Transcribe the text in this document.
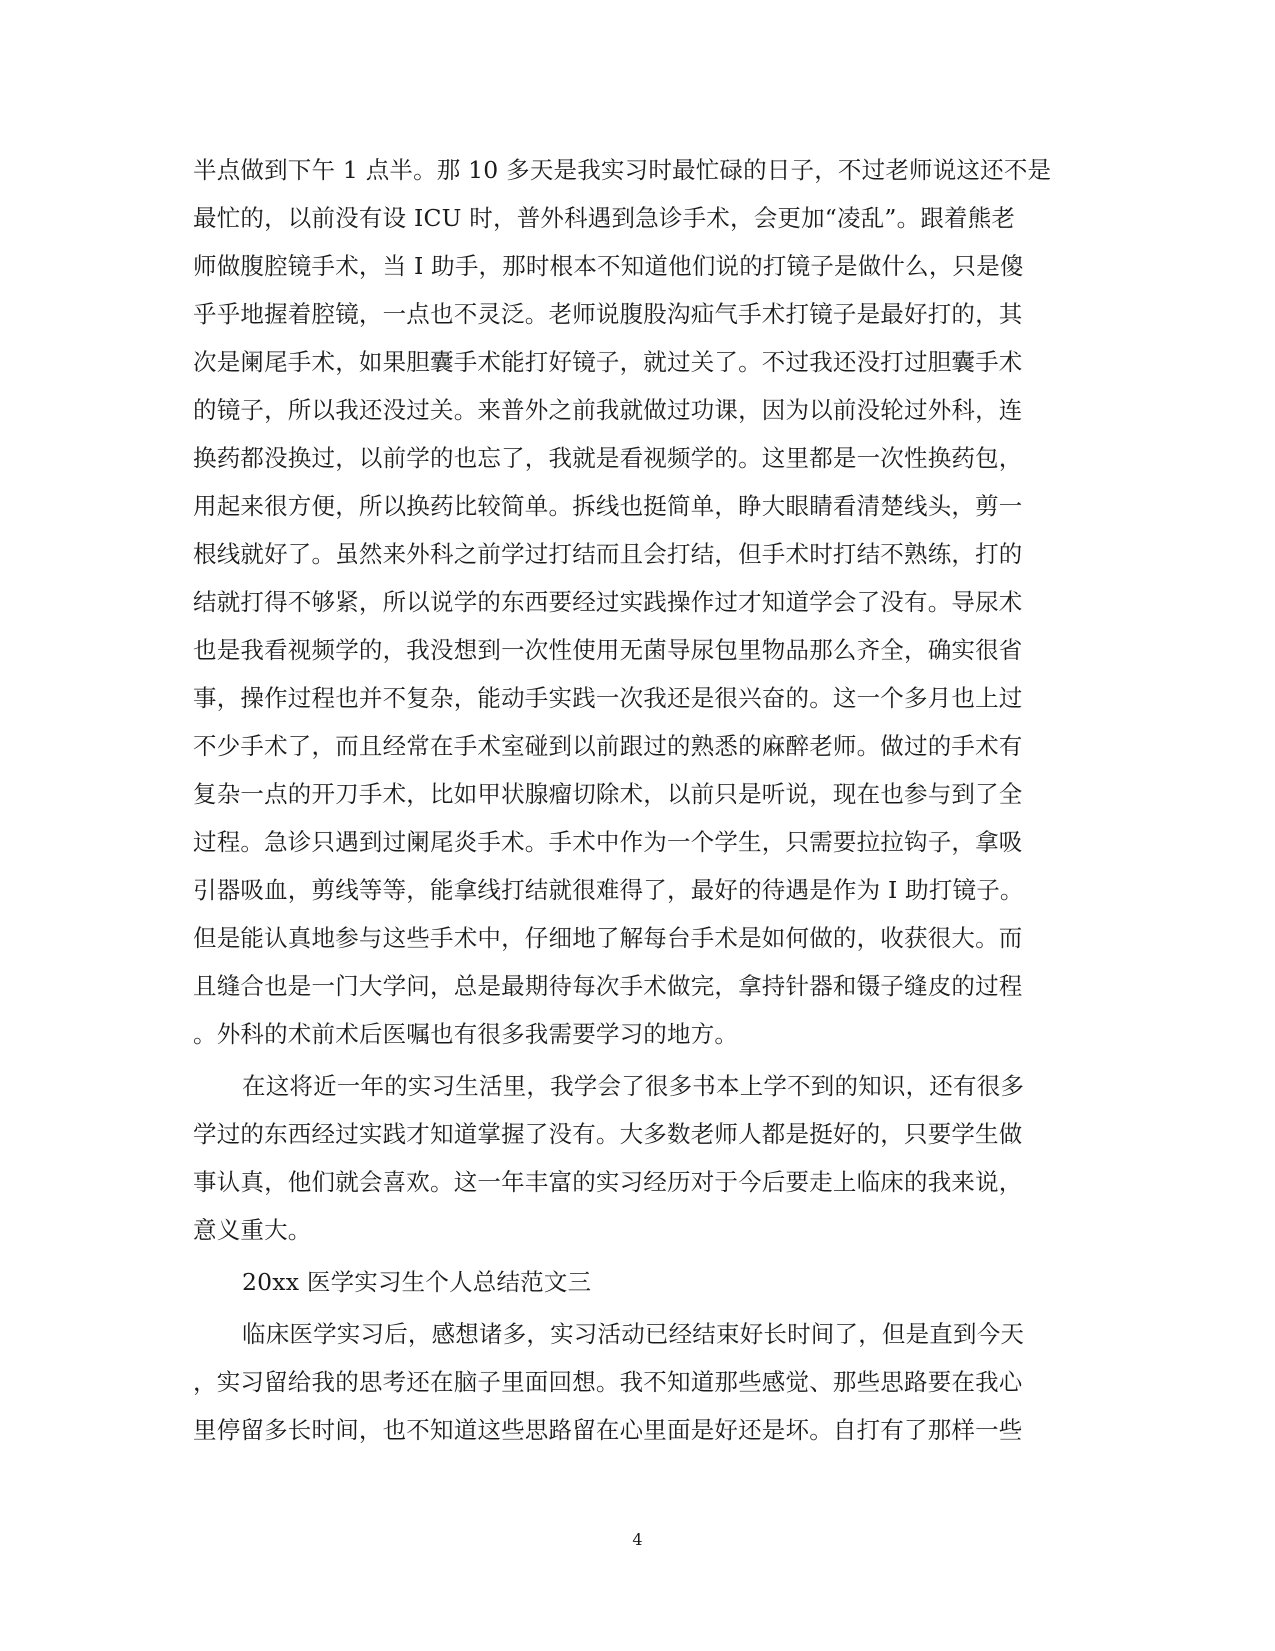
半点做到下午 1 点半。那 10 多天是我实习时最忙碌的日子，不过老师说这还不是
最忙的，以前没有设 ICU 时，普外科遇到急诊手术，会更加“凌乱”。跟着熊老
师做腹腔镜手术，当 I 助手，那时根本不知道他们说的打镜子是做什么，只是傻
乎乎地握着腔镜，一点也不灵泛。老师说腹股沟疝气手术打镜子是最好打的，其
次是阑尾手术，如果胆囊手术能打好镜子，就过关了。不过我还没打过胆囊手术
的镜子，所以我还没过关。来普外之前我就做过功课，因为以前没轮过外科，连
换药都没换过，以前学的也忘了，我就是看视频学的。这里都是一次性换药包，
用起来很方便，所以换药比较简单。拆线也挺简单，睁大眼睛看清楚线头，剪一
根线就好了。虽然来外科之前学过打结而且会打结，但手术时打结不熟练，打的
结就打得不够紧，所以说学的东西要经过实践操作过才知道学会了没有。导尿术
也是我看视频学的，我没想到一次性使用无菌导尿包里物品那么齐全，确实很省
事，操作过程也并不复杂，能动手实践一次我还是很兴奋的。这一个多月也上过
不少手术了，而且经常在手术室碰到以前跟过的熟悉的麻醉老师。做过的手术有
复杂一点的开刀手术，比如甲状腺瘤切除术，以前只是听说，现在也参与到了全
过程。急诊只遇到过阑尾炎手术。手术中作为一个学生，只需要拉拉钩子，拿吸
引器吸血，剪线等等，能拿线打结就很难得了，最好的待遇是作为 I 助打镜子。
但是能认真地参与这些手术中，仔细地了解每台手术是如何做的，收获很大。而
且缝合也是一门大学问，总是最期待每次手术做完，拿持针器和镊子缝皮的过程
。外科的术前术后医嘱也有很多我需要学习的地方。
在这将近一年的实习生活里，我学会了很多书本上学不到的知识，还有很多
学过的东西经过实践才知道掌握了没有。大多数老师人都是挺好的，只要学生做
事认真，他们就会喜欢。这一年丰富的实习经历对于今后要走上临床的我来说，
意义重大。
20xx 医学实习生个人总结范文三
临床医学实习后，感想诸多，实习活动已经结束好长时间了，但是直到今天
，实习留给我的思考还在脑子里面回想。我不知道那些感觉、那些思路要在我心
里停留多长时间，也不知道这些思路留在心里面是好还是坏。自打有了那样一些
4
